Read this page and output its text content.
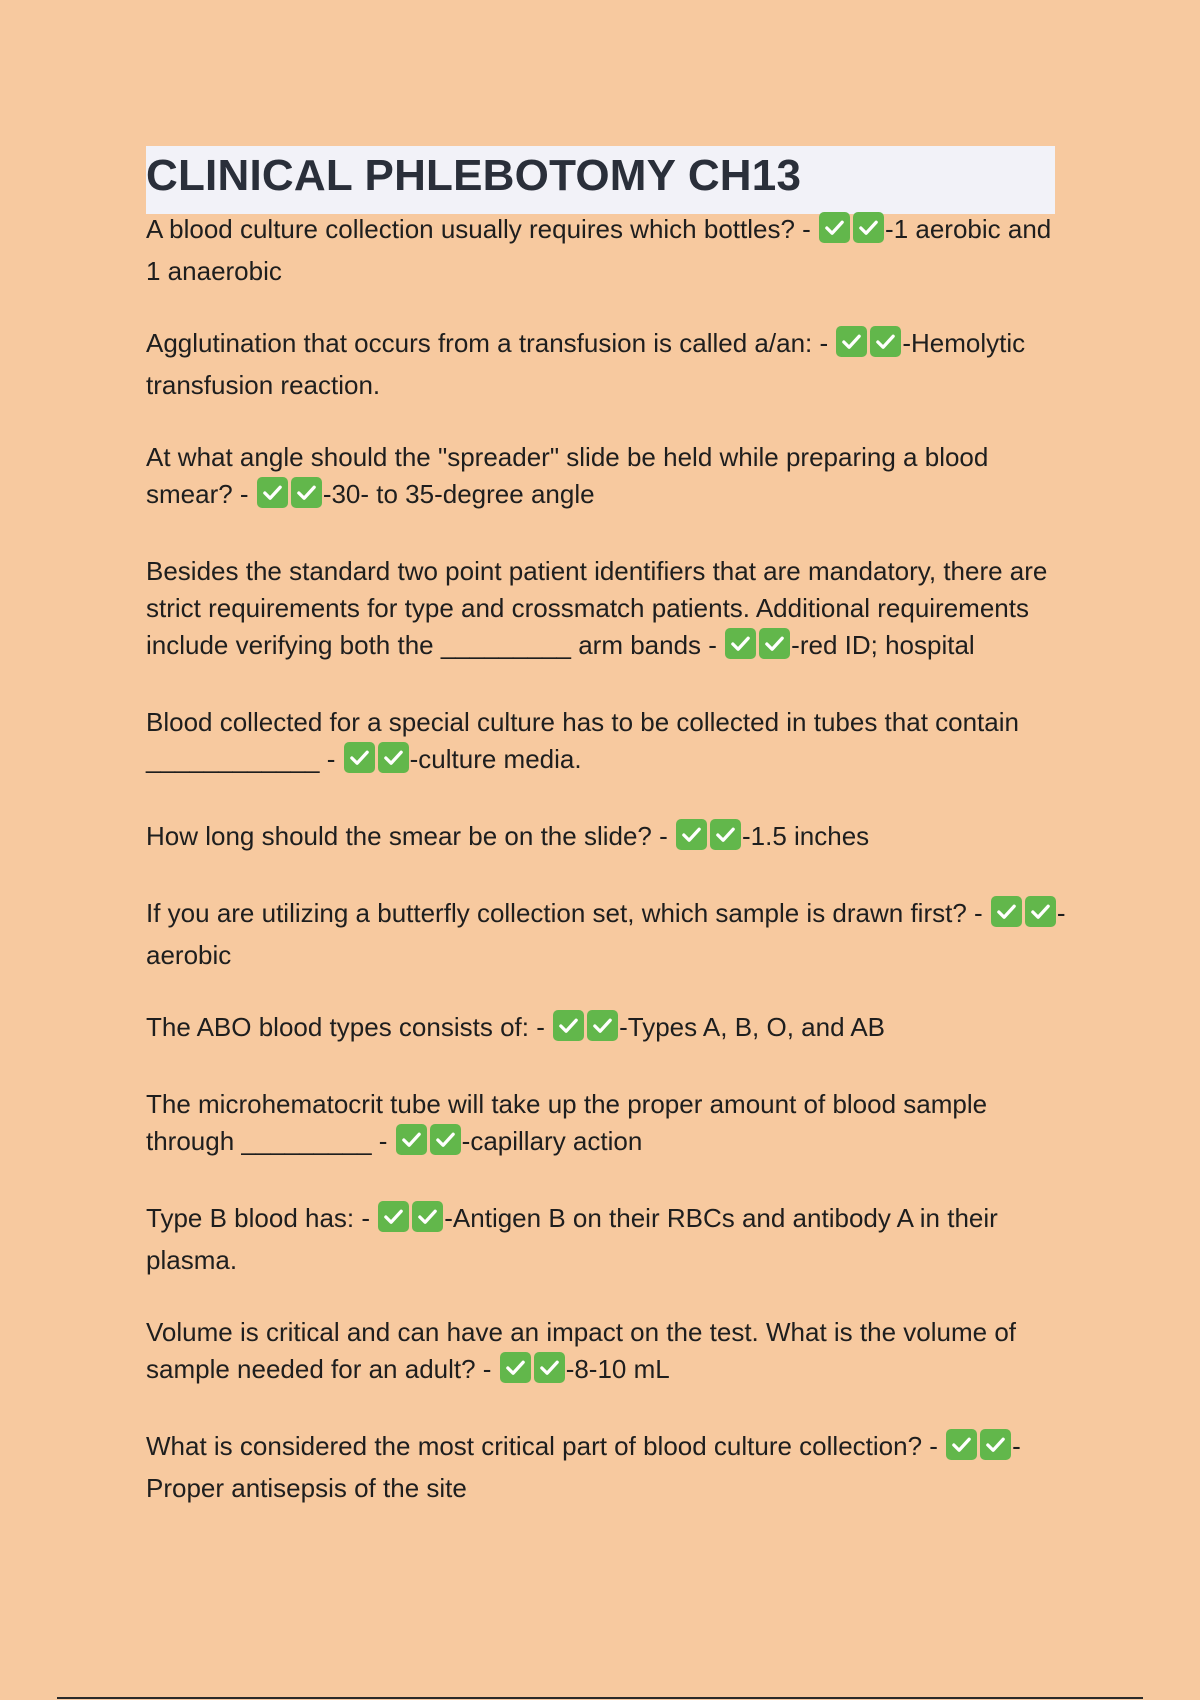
CLINICAL PHLEBOTOMY CH13

A blood culture collection usually requires which bottles? -	-1 aerobic and 1 anaerobic

Agglutination that occurs from a transfusion is called a/an: -	-Hemolytic transfusion reaction.

At what angle should the "spreader" slide be held while preparing a blood smear? -	-30- to 35-degree angle

Besides the standard two point patient identifiers that are mandatory, there are strict requirements for type and crossmatch patients. Additional requirements include verifying both the _________ arm bands -	-red ID; hospital

Blood collected for a special culture has to be collected in tubes that contain ____________ -	-culture media.

How long should the smear be on the slide? -	-1.5 inches

If you are utilizing a butterfly collection set, which sample is drawn first? -	-aerobic

The ABO blood types consists of: -	-Types A, B, O, and AB

The microhematocrit tube will take up the proper amount of blood sample through _________ -	-capillary action

Type B blood has: -	-Antigen B on their RBCs and antibody A in their plasma.

Volume is critical and can have an impact on the test. What is the volume of sample needed for an adult? -	-8-10 mL

What is considered the most critical part of blood culture collection? -	-Proper antisepsis of the site
